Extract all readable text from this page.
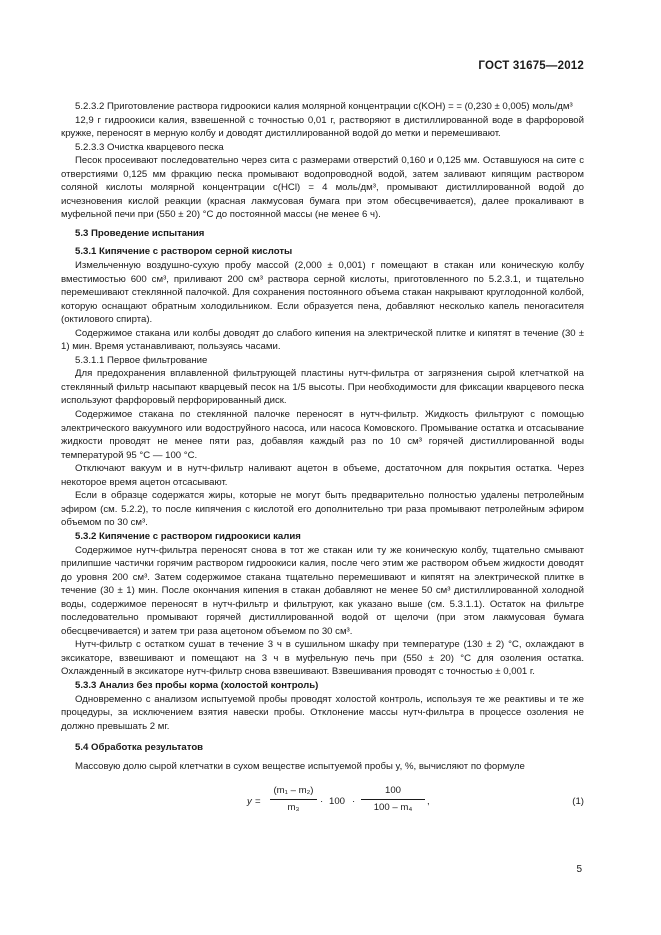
ГОСТ 31675—2012

5.2.3.2 Приготовление раствора гидроокиси калия молярной концентрации c(KOH) = = (0,230 ± 0,005) моль/дм³

12,9 г гидроокиси калия, взвешенной с точностью 0,01 г, растворяют в дистиллированной воде в фарфоровой кружке, переносят в мерную колбу и доводят дистиллированной водой до метки и перемешивают.

5.2.3.3 Очистка кварцевого песка

Песок просеивают последовательно через сита с размерами отверстий 0,160 и 0,125 мм. Оставшуюся на сите с отверстиями 0,125 мм фракцию песка промывают водопроводной водой, затем заливают кипящим раствором соляной кислоты молярной концентрации c(HCl) = 4 моль/дм³, промывают дистиллированной водой до исчезновения кислой реакции (красная лакмусовая бумага при этом обесцвечивается), далее прокаливают в муфельной печи при (550 ± 20) °С до постоянной массы (не менее 6 ч).

5.3 Проведение испытания

5.3.1 Кипячение с раствором серной кислоты

Измельченную воздушно-сухую пробу массой (2,000 ± 0,001) г помещают в стакан или коническую колбу вместимостью 600 см³, приливают 200 см³ раствора серной кислоты, приготовленного по 5.2.3.1, и тщательно перемешивают стеклянной палочкой. Для сохранения постоянного объема стакан накрывают круглодонной колбой, которую оснащают обратным холодильником. Если образуется пена, добавляют несколько капель пеногасителя (октилового спирта).

Содержимое стакана или колбы доводят до слабого кипения на электрической плитке и кипятят в течение (30 ± 1) мин. Время устанавливают, пользуясь часами.

5.3.1.1 Первое фильтрование

Для предохранения вплавленной фильтрующей пластины нутч-фильтра от загрязнения сырой клетчаткой на стеклянный фильтр насыпают кварцевый песок на 1/5 высоты. При необходимости для фиксации кварцевого песка используют фарфоровый перфорированный диск.

Содержимое стакана по стеклянной палочке переносят в нутч-фильтр. Жидкость фильтруют с помощью электрического вакуумного или водоструйного насоса, или насоса Комовского. Промывание остатка и отсасывание жидкости проводят не менее пяти раз, добавляя каждый раз по 10 см³ горячей дистиллированной воды температурой 95 °С — 100 °С.

Отключают вакуум и в нутч-фильтр наливают ацетон в объеме, достаточном для покрытия остатка. Через некоторое время ацетон отсасывают.

Если в образце содержатся жиры, которые не могут быть предварительно полностью удалены петролейным эфиром (см. 5.2.2), то после кипячения с кислотой его дополнительно три раза промывают петролейным эфиром объемом по 30 см³.

5.3.2 Кипячение с раствором гидроокиси калия

Содержимое нутч-фильтра переносят снова в тот же стакан или ту же коническую колбу, тщательно смывают прилипшие частички горячим раствором гидроокиси калия, после чего этим же раствором объем жидкости доводят до уровня 200 см³. Затем содержимое стакана тщательно перемешивают и кипятят на электрической плитке в течение (30 ± 1) мин. После окончания кипения в стакан добавляют не менее 50 см³ дистиллированной холодной воды, содержимое переносят в нутч-фильтр и фильтруют, как указано выше (см. 5.3.1.1). Остаток на фильтре последовательно промывают горячей дистиллированной водой от щелочи (при этом лакмусовая бумага обесцвечивается) и затем три раза ацетоном объемом по 30 см³.

Нутч-фильтр с остатком сушат в течение 3 ч в сушильном шкафу при температуре (130 ± 2) °С, охлаждают в эксикаторе, взвешивают и помещают на 3 ч в муфельную печь при (550 ± 20) °С для озоления остатка. Охлажденный в эксикаторе нутч-фильтр снова взвешивают. Взвешивания проводят с точностью ± 0,001 г.

5.3.3 Анализ без пробы корма (холостой контроль)

Одновременно с анализом испытуемой пробы проводят холостой контроль, используя те же реактивы и те же процедуры, за исключением взятия навески пробы. Отклонение массы нутч-фильтра в процессе озоления не должно превышать 2 мг.

5.4 Обработка результатов

Массовую долю сырой клетчатки в сухом веществе испытуемой пробы y, %, вычисляют по формуле

$y = \frac{\text{(m₁ – m₂)}}{\text{m₃}} \cdot 100 \frac{100}{\text{100 – m₄}}$ ,	(1)
·
5
